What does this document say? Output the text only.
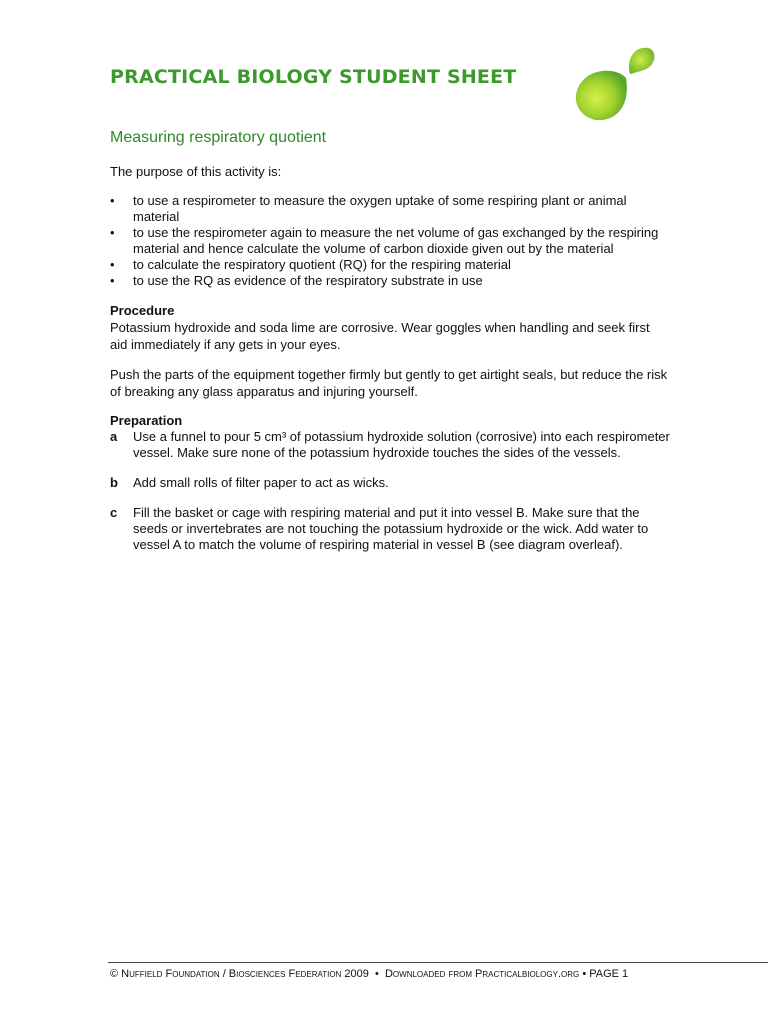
PRACTICAL BIOLOGY STUDENT SHEET
Measuring respiratory quotient

The purpose of this activity is:

• to use a respirometer to measure the oxygen uptake of some respiring plant or animal material
• to use the respirometer again to measure the net volume of gas exchanged by the respiring material and hence calculate the volume of carbon dioxide given out by the material
• to calculate the respiratory quotient (RQ) for the respiring material
• to use the RQ as evidence of the respiratory substrate in use

Procedure

Potassium hydroxide and soda lime are corrosive. Wear goggles when handling and seek first aid immediately if any gets in your eyes.

Push the parts of the equipment together firmly but gently to get airtight seals, but reduce the risk of breaking any glass apparatus and injuring yourself.

Preparation

a Use a funnel to pour 5 cm³ of potassium hydroxide solution (corrosive) into each respirometer vessel. Make sure none of the potassium hydroxide touches the sides of the vessels.
b Add small rolls of filter paper to act as wicks.
c Fill the basket or cage with respiring material and put it into vessel B. Make sure that the seeds or invertebrates are not touching the potassium hydroxide or the wick. Add water to vessel A to match the volume of respiring material in vessel B (see diagram overleaf).
© Nuffield Foundation / Biosciences Federation 2009 • Downloaded from Practicalbiology.org • PAGE 1
